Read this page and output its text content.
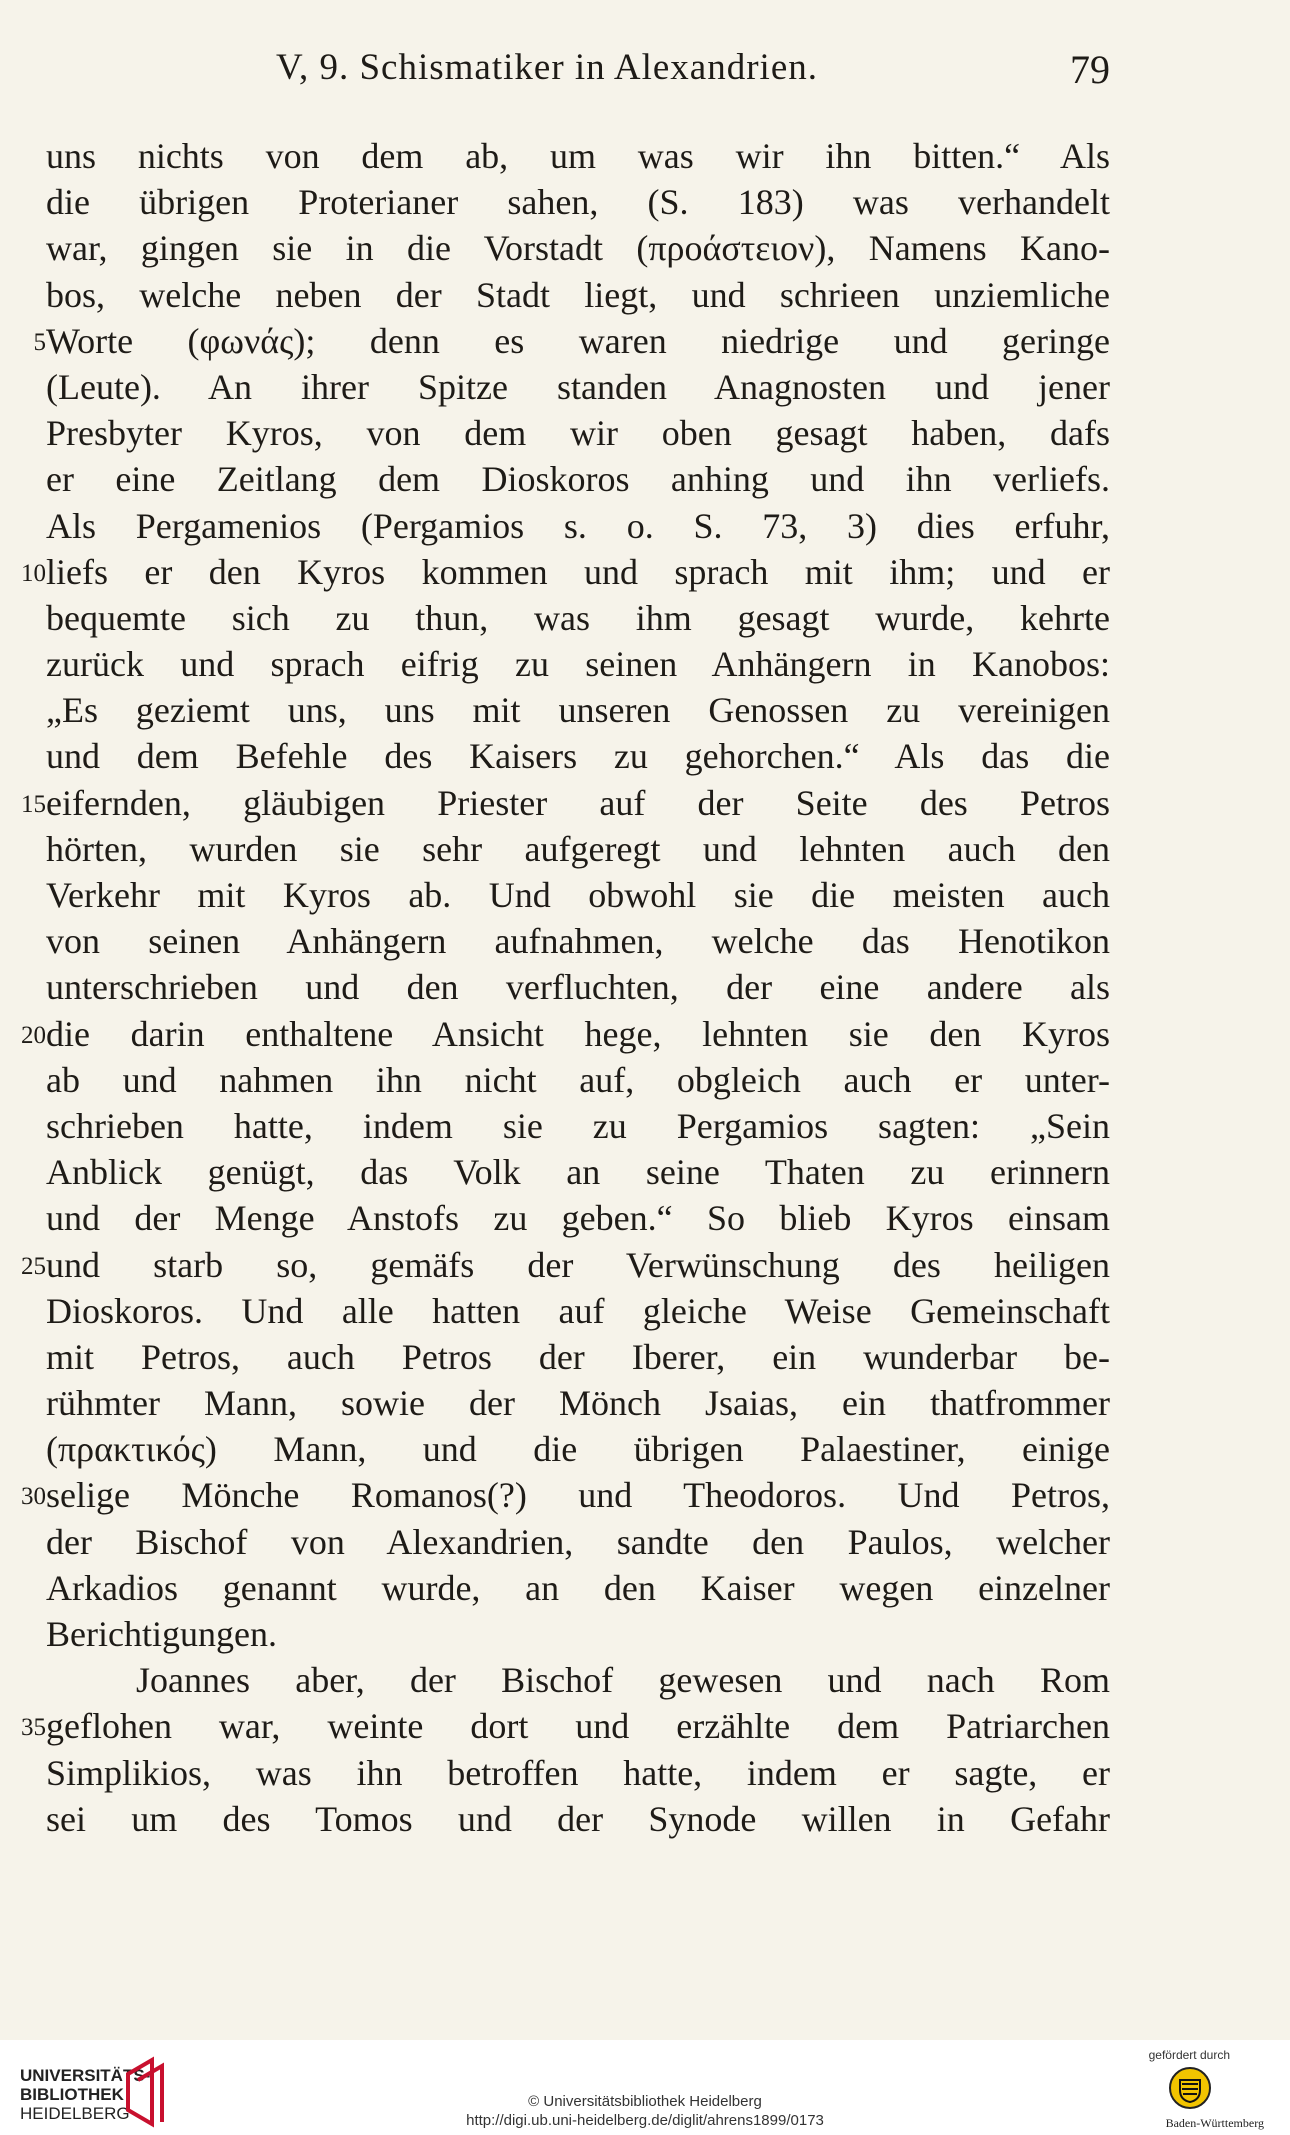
V, 9. Schismatiker in Alexandrien.	79
uns nichts von dem ab, um was wir ihn bitten.“ Als
die übrigen Proterianer sahen, (S. 183) was verhandelt
war, gingen sie in die Vorstadt (προάστειον), Namens Kano-
bos, welche neben der Stadt liegt, und schrieen unziemliche
5 Worte (φωνάς); denn es waren niedrige und geringe
(Leute). An ihrer Spitze standen Anagnosten und jener
Presbyter Kyros, von dem wir oben gesagt haben, dafs
er eine Zeitlang dem Dioskoros anhing und ihn verliefs.
Als Pergamenios (Pergamios s. o. S. 73, 3) dies erfuhr,
10 liefs er den Kyros kommen und sprach mit ihm; und er
bequemte sich zu thun, was ihm gesagt wurde, kehrte
zurück und sprach eifrig zu seinen Anhängern in Kanobos:
„Es geziemt uns, uns mit unseren Genossen zu vereinigen
und dem Befehle des Kaisers zu gehorchen.“ Als das die
15 eifernden, gläubigen Priester auf der Seite des Petros
hörten, wurden sie sehr aufgeregt und lehnten auch den
Verkehr mit Kyros ab. Und obwohl sie die meisten auch
von seinen Anhängern aufnahmen, welche das Henotikon
unterschrieben und den verfluchten, der eine andere als
20 die darin enthaltene Ansicht hege, lehnten sie den Kyros
ab und nahmen ihn nicht auf, obgleich auch er unter-
schrieben hatte, indem sie zu Pergamios sagten: „Sein
Anblick genügt, das Volk an seine Thaten zu erinnern
und der Menge Anstofs zu geben.“ So blieb Kyros einsam
25 und starb so, gemäfs der Verwünschung des heiligen
Dioskoros. Und alle hatten auf gleiche Weise Gemeinschaft
mit Petros, auch Petros der Iberer, ein wunderbar be-
rühmter Mann, sowie der Mönch Jsaias, ein thatfrommer
(πρακτικός) Mann, und die übrigen Palaestiner, einige
30 selige Mönche Romanos(?) und Theodoros. Und Petros,
der Bischof von Alexandrien, sandte den Paulos, welcher
Arkadios genannt wurde, an den Kaiser wegen einzelner
Berichtigungen.
Joannes aber, der Bischof gewesen und nach Rom
35 geflohen war, weinte dort und erzählte dem Patriarchen
Simplikios, was ihn betroffen hatte, indem er sagte, er
sei um des Tomos und der Synode willen in Gefahr
UNIVERSITÄTS-
BIBLIOTHEK
HEIDELBERG
© Universitätsbibliothek Heidelberg
http://digi.ub.uni-heidelberg.de/diglit/ahrens1899/0173
gefördert durch
Baden-Württemberg
